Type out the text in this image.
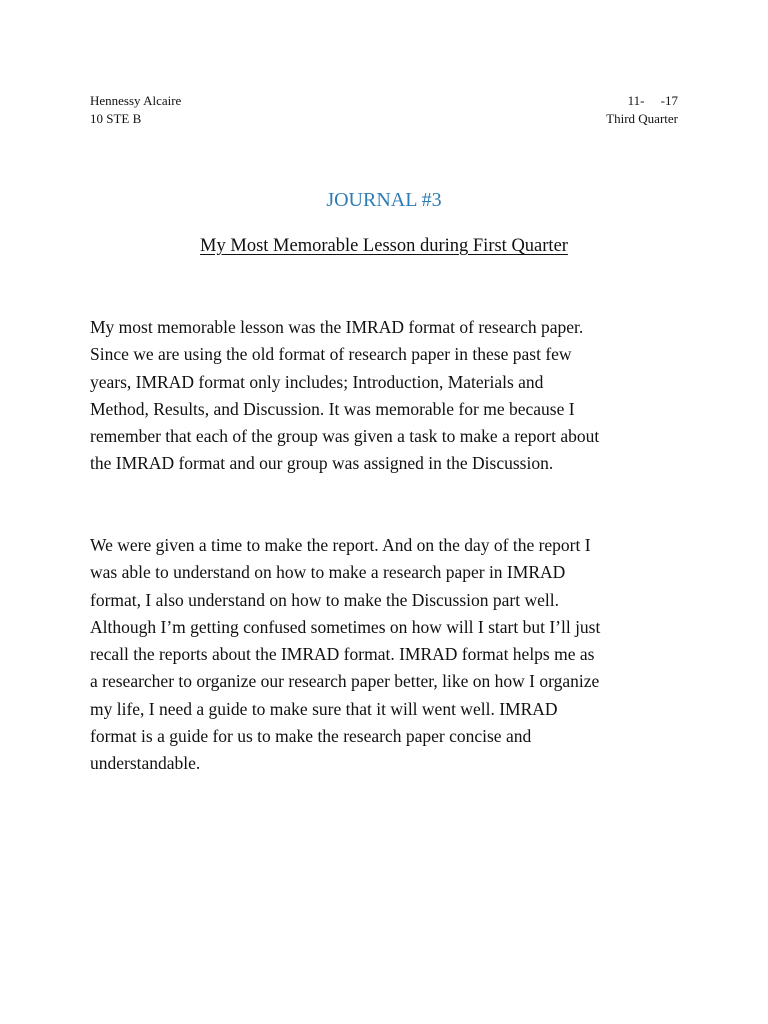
Hennessy Alcaire	11-     -17
10 STE B	Third Quarter
JOURNAL #3
My Most Memorable Lesson during First Quarter

My most memorable lesson was the IMRAD format of research paper.
Since we are using the old format of research paper in these past few
years, IMRAD format only includes; Introduction, Materials and
Method, Results, and Discussion. It was memorable for me because I
remember that each of the group was given a task to make a report about
the IMRAD format and our group was assigned in the Discussion.

We were given a time to make the report. And on the day of the report I
was able to understand on how to make a research paper in IMRAD
format, I also understand on how to make the Discussion part well.
Although I’m getting confused sometimes on how will I start but I’ll just
recall the reports about the IMRAD format. IMRAD format helps me as
a researcher to organize our research paper better, like on how I organize
my life, I need a guide to make sure that it will went well. IMRAD
format is a guide for us to make the research paper concise and
understandable.
